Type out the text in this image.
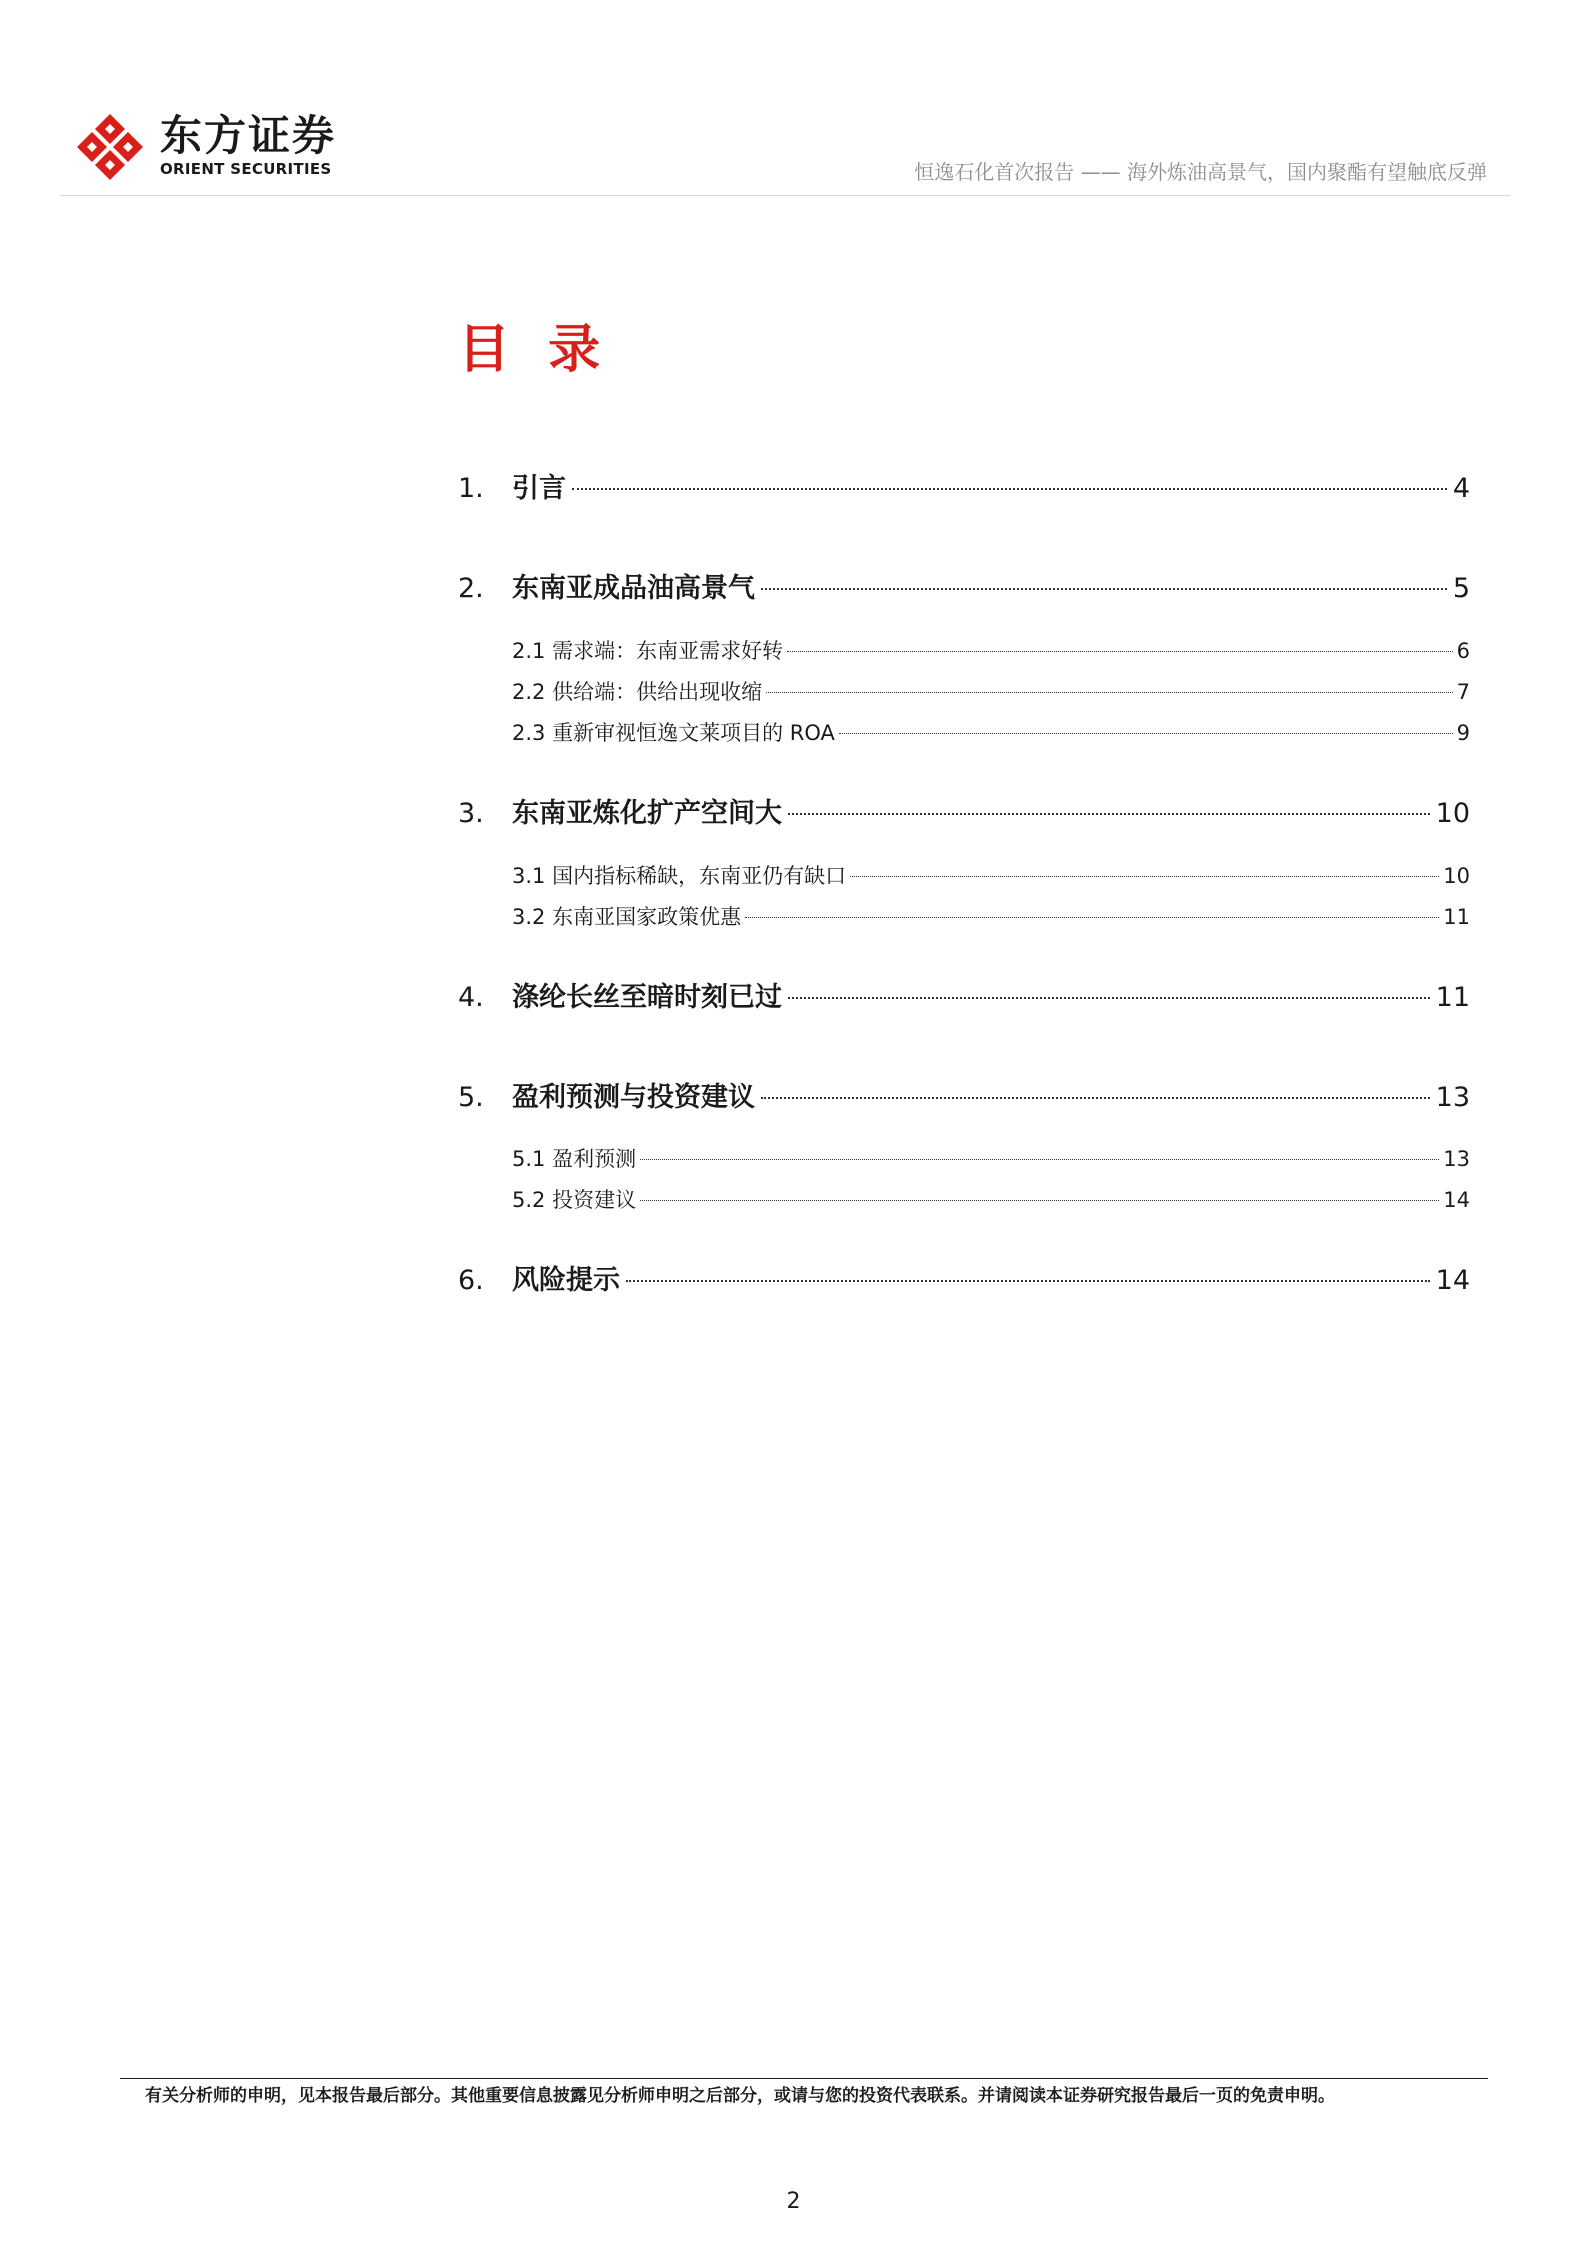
东方证券
ORIENT SECURITIES	恒逸石化首次报告 —— 海外炼油高景气，国内聚酯有望触底反弹
目 录
1.	引言	4
2.	东南亚成品油高景气	5
2.1 需求端：东南亚需求好转	6
2.2 供给端：供给出现收缩	7
2.3 重新审视恒逸文莱项目的 ROA	9
3.	东南亚炼化扩产空间大	10
3.1 国内指标稀缺，东南亚仍有缺口	10
3.2 东南亚国家政策优惠	11
4.	涤纶长丝至暗时刻已过	11
5.	盈利预测与投资建议	13
5.1 盈利预测	13
5.2 投资建议	14
6.	风险提示	14
有关分析师的申明，见本报告最后部分。其他重要信息披露见分析师申明之后部分，或请与您的投资代表联系。并请阅读本证券研究报告最后一页的免责申明。
2
